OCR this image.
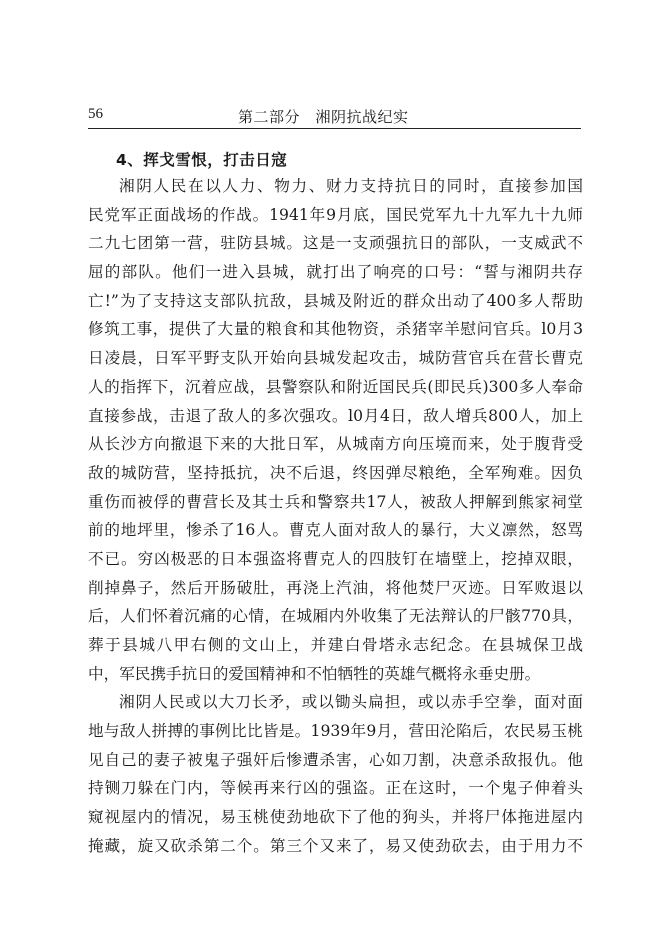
56	第二部分　湘阴抗战纪实
4、挥戈雪恨，打击日寇
湘阴人民在以人力、物力、财力支持抗日的同时，直接参加国
民党军正面战场的作战。1941年9月底，国民党军九十九军九十九师
二九七团第一营，驻防县城。这是一支顽强抗日的部队，一支威武不
屈的部队。他们一进入县城，就打出了响亮的口号：“誓与湘阴共存
亡!”为了支持这支部队抗敌，县城及附近的群众出动了400多人帮助
修筑工事，提供了大量的粮食和其他物资，杀猪宰羊慰问官兵。l0月3
日凌晨，日军平野支队开始向县城发起攻击，城防营官兵在营长曹克
人的指挥下，沉着应战，县警察队和附近国民兵(即民兵)300多人奉命
直接参战，击退了敌人的多次强攻。l0月4日，敌人增兵800人，加上
从长沙方向撤退下来的大批日军，从城南方向压境而来，处于腹背受
敌的城防营，坚持抵抗，决不后退，终因弹尽粮绝，全军殉难。因负
重伤而被俘的曹营长及其士兵和警察共17人，被敌人押解到熊家祠堂
前的地坪里，惨杀了16人。曹克人面对敌人的暴行，大义凛然，怒骂
不已。穷凶极恶的日本强盗将曹克人的四肢钉在墙壁上，挖掉双眼，
削掉鼻子，然后开肠破肚，再浇上汽油，将他焚尸灭迹。日军败退以
后，人们怀着沉痛的心情，在城厢内外收集了无法辩认的尸骸770具，
葬于县城八甲右侧的文山上，并建白骨塔永志纪念。在县城保卫战
中，军民携手抗日的爱国精神和不怕牺牲的英雄气概将永垂史册。
湘阴人民或以大刀长矛，或以锄头扁担，或以赤手空拳，面对面
地与敌人拼搏的事例比比皆是。1939年9月，营田沦陷后，农民易玉桃
见自己的妻子被鬼子强奸后惨遭杀害，心如刀割，决意杀敌报仇。他
持铡刀躲在门内，等候再来行凶的强盗。正在这时，一个鬼子伸着头
窥视屋内的情况，易玉桃使劲地砍下了他的狗头，并将尸体拖进屋内
掩藏，旋又砍杀第二个。第三个又来了，易又使劲砍去，由于用力不
